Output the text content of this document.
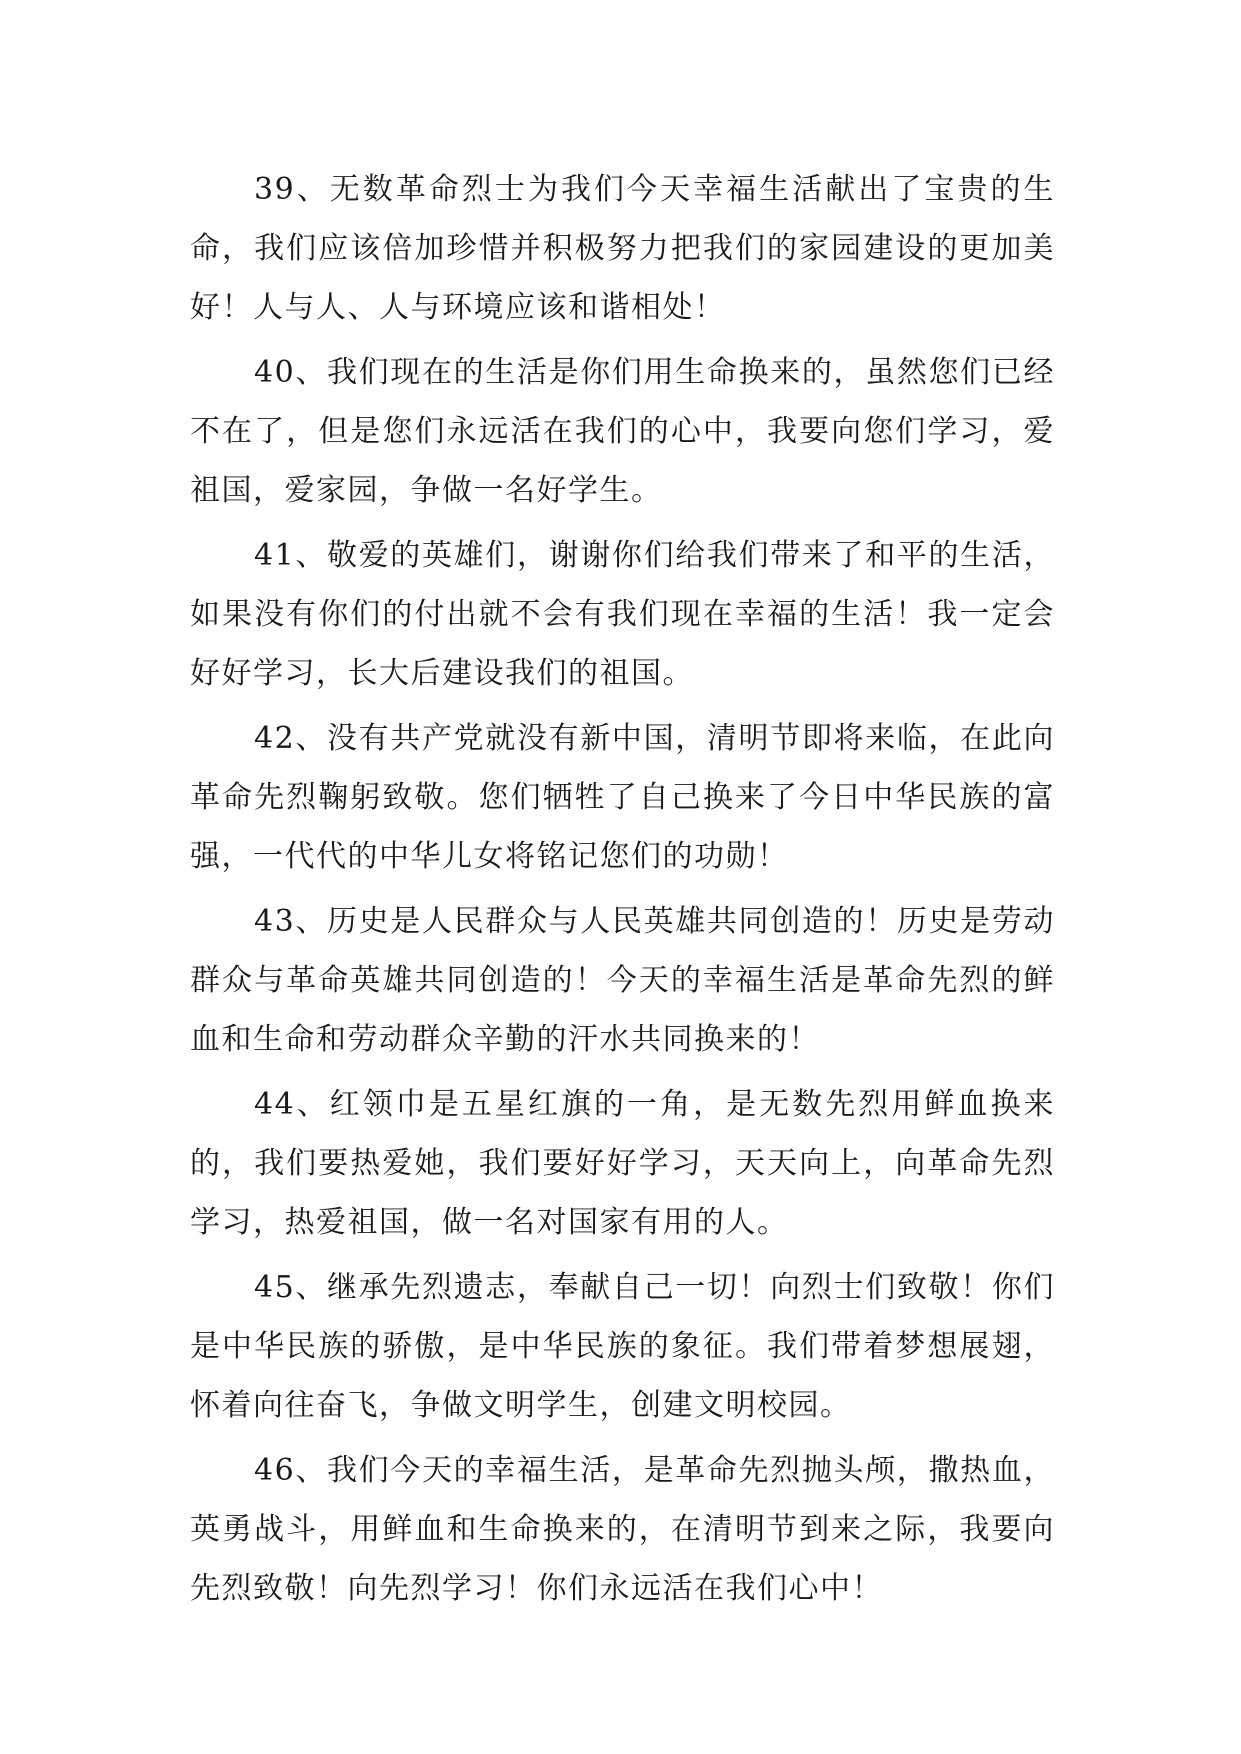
39、无数革命烈士为我们今天幸福生活献出了宝贵的生命，我们应该倍加珍惜并积极努力把我们的家园建设的更加美好！人与人、人与环境应该和谐相处！

40、我们现在的生活是你们用生命换来的，虽然您们已经不在了，但是您们永远活在我们的心中，我要向您们学习，爱祖国，爱家园，争做一名好学生。

41、敬爱的英雄们，谢谢你们给我们带来了和平的生活，如果没有你们的付出就不会有我们现在幸福的生活！我一定会好好学习，长大后建设我们的祖国。

42、没有共产党就没有新中国，清明节即将来临，在此向革命先烈鞠躬致敬。您们牺牲了自己换来了今日中华民族的富强，一代代的中华儿女将铭记您们的功勋！

43、历史是人民群众与人民英雄共同创造的！历史是劳动群众与革命英雄共同创造的！今天的幸福生活是革命先烈的鲜血和生命和劳动群众辛勤的汗水共同换来的！

44、红领巾是五星红旗的一角，是无数先烈用鲜血换来的，我们要热爱她，我们要好好学习，天天向上，向革命先烈学习，热爱祖国，做一名对国家有用的人。

45、继承先烈遗志，奉献自己一切！向烈士们致敬！你们是中华民族的骄傲，是中华民族的象征。我们带着梦想展翅，怀着向往奋飞，争做文明学生，创建文明校园。

46、我们今天的幸福生活，是革命先烈抛头颅，撒热血，英勇战斗，用鲜血和生命换来的，在清明节到来之际，我要向先烈致敬！向先烈学习！你们永远活在我们心中！
